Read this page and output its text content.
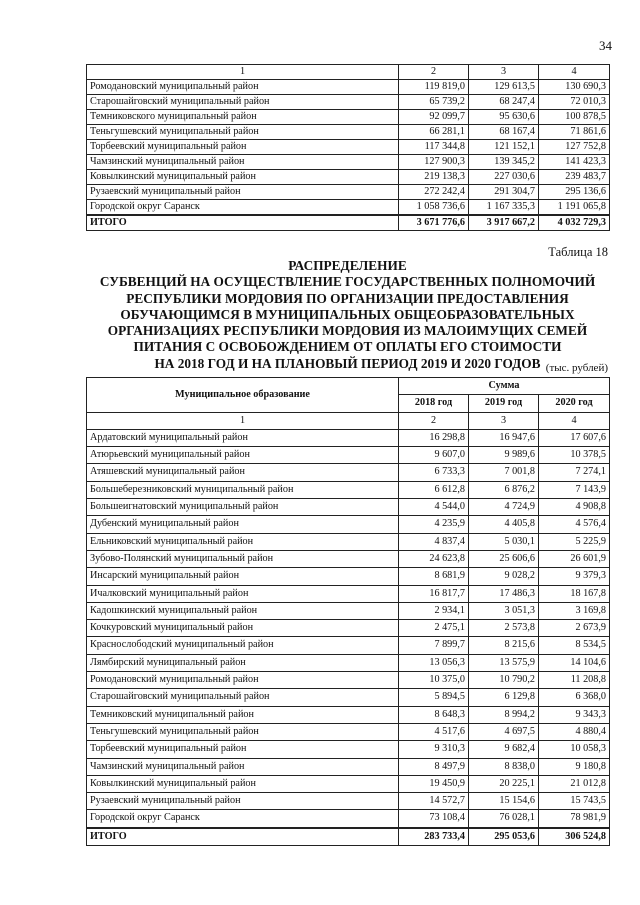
34
1	2	3	4
Ромодановский муниципальный район	119 819,0	129 613,5	130 690,3
Старошайговский муниципальный район	65 739,2	68 247,4	72 010,3
Темниковского муниципальный район	92 099,7	95 630,6	100 878,5
Теньгушевский муниципальный район	66 281,1	68 167,4	71 861,6
Торбеевский муниципальный район	117 344,8	121 152,1	127 752,8
Чамзинский муниципальный район	127 900,3	139 345,2	141 423,3
Ковылкинский муниципальный район	219 138,3	227 030,6	239 483,7
Рузаевский муниципальный район	272 242,4	291 304,7	295 136,6
Городской округ Саранск	1 058 736,6	1 167 335,3	1 191 065,8
ИТОГО	3 671 776,6	3 917 667,2	4 032 729,3
Таблица 18
РАСПРЕДЕЛЕНИЕ
СУБВЕНЦИЙ НА ОСУЩЕСТВЛЕНИЕ ГОСУДАРСТВЕННЫХ ПОЛНОМОЧИЙ
РЕСПУБЛИКИ МОРДОВИЯ ПО ОРГАНИЗАЦИИ ПРЕДОСТАВЛЕНИЯ
ОБУЧАЮЩИМСЯ В МУНИЦИПАЛЬНЫХ ОБЩЕОБРАЗОВАТЕЛЬНЫХ
ОРГАНИЗАЦИЯХ РЕСПУБЛИКИ МОРДОВИЯ ИЗ МАЛОИМУЩИХ СЕМЕЙ
ПИТАНИЯ С ОСВОБОЖДЕНИЕМ ОТ ОПЛАТЫ ЕГО СТОИМОСТИ
НА 2018 ГОД И НА ПЛАНОВЫЙ ПЕРИОД 2019 И 2020 ГОДОВ (тыс. рублей)
Муниципальное образование	Сумма		
	2018 год	2019 год	2020 год
1	2	3	4
Ардатовский муниципальный район	16 298,8	16 947,6	17 607,6
Атюрьевский муниципальный район	9 607,0	9 989,6	10 378,5
Атяшевский муниципальный район	6 733,3	7 001,8	7 274,1
Большеберезниковский муниципальный район	6 612,8	6 876,2	7 143,9
Большеигнатовский муниципальный район	4 544,0	4 724,9	4 908,8
Дубенский муниципальный район	4 235,9	4 405,8	4 576,4
Ельниковский муниципальный район	4 837,4	5 030,1	5 225,9
Зубово-Полянский муниципальный район	24 623,8	25 606,6	26 601,9
Инсарский муниципальный район	8 681,9	9 028,2	9 379,3
Ичалковский муниципальный район	16 817,7	17 486,3	18 167,8
Кадошкинский муниципальный район	2 934,1	3 051,3	3 169,8
Кочкуровский муниципальный район	2 475,1	2 573,8	2 673,9
Краснослободский муниципальный район	7 899,7	8 215,6	8 534,5
Лямбирский муниципальный район	13 056,3	13 575,9	14 104,6
Ромодановский муниципальный район	10 375,0	10 790,2	11 208,8
Старошайговский муниципальный район	5 894,5	6 129,8	6 368,0
Темниковский муниципальный район	8 648,3	8 994,2	9 343,3
Теньгушевский муниципальный район	4 517,6	4 697,5	4 880,4
Торбеевский муниципальный район	9 310,3	9 682,4	10 058,3
Чамзинский муниципальный район	8 497,9	8 838,0	9 180,8
Ковылкинский муниципальный район	19 450,9	20 225,1	21 012,8
Рузаевский муниципальный район	14 572,7	15 154,6	15 743,5
Городской округ Саранск	73 108,4	76 028,1	78 981,9
ИТОГО	283 733,4	295 053,6	306 524,8
